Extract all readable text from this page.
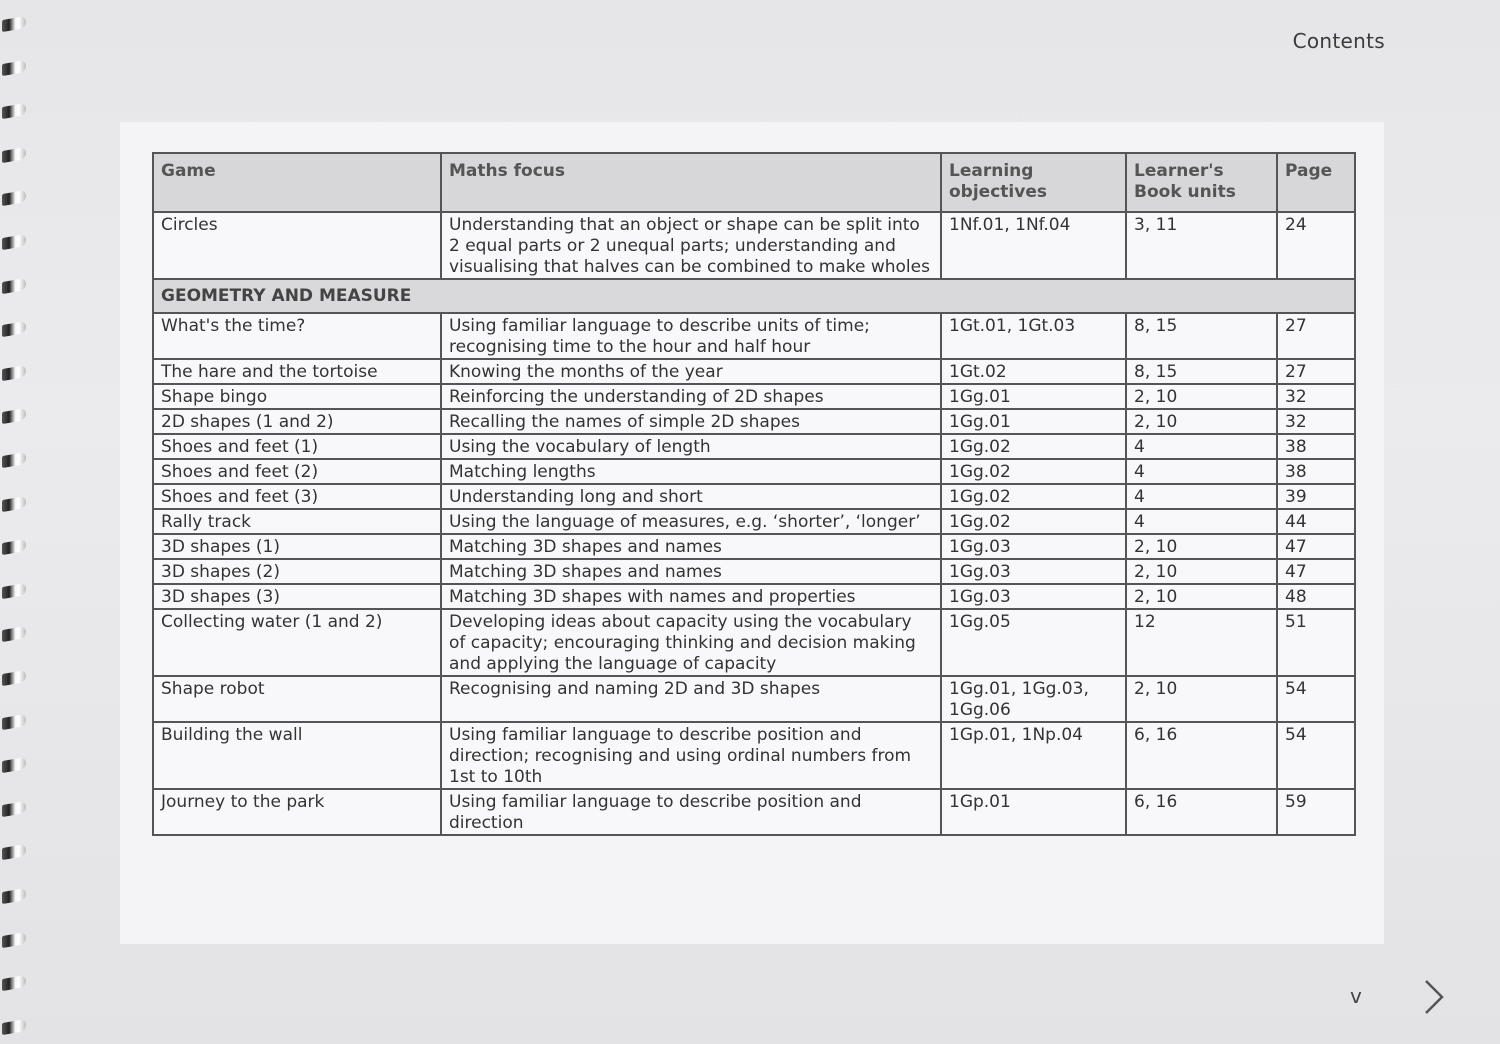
Contents
Game	Maths focus	Learning objectives	Learner's Book units	Page
Circles	Understanding that an object or shape can be split into 2 equal parts or 2 unequal parts; understanding and visualising that halves can be combined to make wholes	1Nf.01, 1Nf.04	3, 11	24
GEOMETRY AND MEASURE				
What's the time?	Using familiar language to describe units of time; recognising time to the hour and half hour	1Gt.01, 1Gt.03	8, 15	27
The hare and the tortoise	Knowing the months of the year	1Gt.02	8, 15	27
Shape bingo	Reinforcing the understanding of 2D shapes	1Gg.01	2, 10	32
2D shapes (1 and 2)	Recalling the names of simple 2D shapes	1Gg.01	2, 10	32
Shoes and feet (1)	Using the vocabulary of length	1Gg.02	4	38
Shoes and feet (2)	Matching lengths	1Gg.02	4	38
Shoes and feet (3)	Understanding long and short	1Gg.02	4	39
Rally track	Using the language of measures, e.g. ‘shorter’, ‘longer’	1Gg.02	4	44
3D shapes (1)	Matching 3D shapes and names	1Gg.03	2, 10	47
3D shapes (2)	Matching 3D shapes and names	1Gg.03	2, 10	47
3D shapes (3)	Matching 3D shapes with names and properties	1Gg.03	2, 10	48
Collecting water (1 and 2)	Developing ideas about capacity using the vocabulary of capacity; encouraging thinking and decision making and applying the language of capacity	1Gg.05	12	51
Shape robot	Recognising and naming 2D and 3D shapes	1Gg.01, 1Gg.03, 1Gg.06	2, 10	54
Building the wall	Using familiar language to describe position and direction; recognising and using ordinal numbers from 1st to 10th	1Gp.01, 1Np.04	6, 16	54
Journey to the park	Using familiar language to describe position and direction	1Gp.01	6, 16	59
v
